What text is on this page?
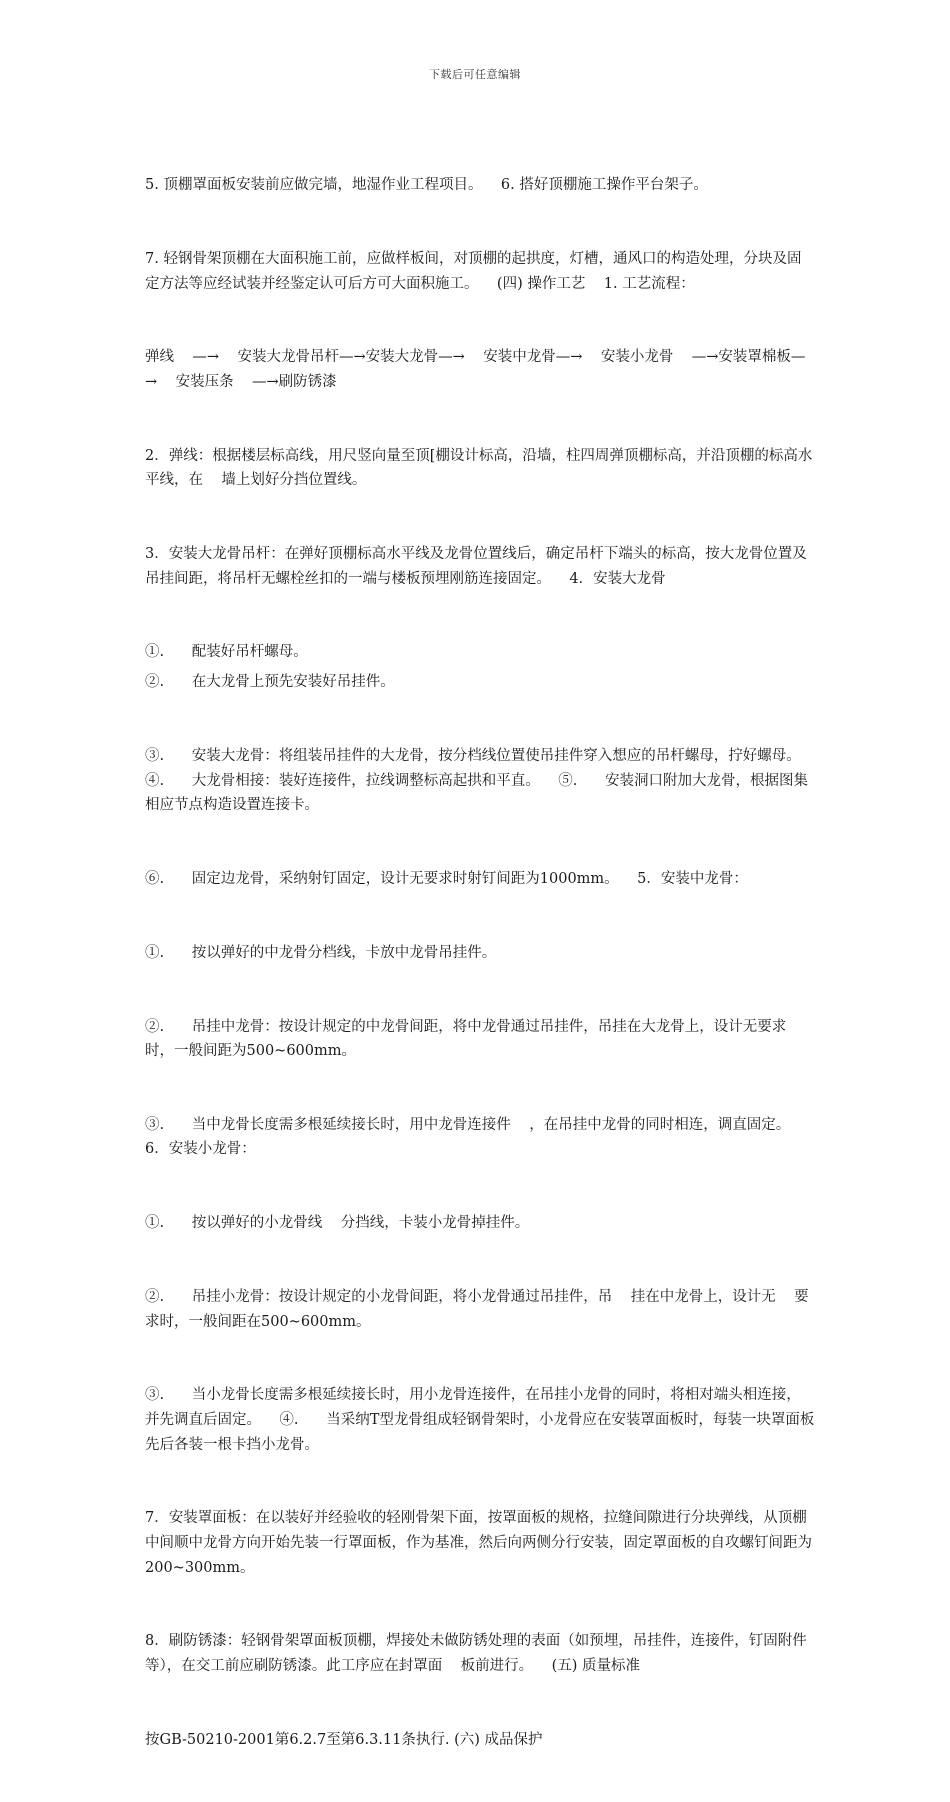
下载后可任意编辑

5. 顶棚罩面板安装前应做完墙，地湿作业工程项目。    6. 搭好顶棚施工操作平台架子。

7. 轻钢骨架顶棚在大面积施工前，应做样板间，对顶棚的起拱度，灯槽，通风口的构造处理，分块及固定方法等应经试装并经鉴定认可后方可大面积施工。    (四) 操作工艺    1. 工艺流程：

弹线    —→    安装大龙骨吊杆—→安装大龙骨—→    安装中龙骨—→    安装小龙骨    —→安装罩棉板—→    安装压条    —→刷防锈漆

2．弹线：根据楼层标高线，用尺竖向量至顶[棚设计标高，沿墙，柱四周弹顶棚标高，并沿顶棚的标高水平线，在    墙上划好分挡位置线。

3．安装大龙骨吊杆：在弹好顶棚标高水平线及龙骨位置线后，确定吊杆下端头的标高，按大龙骨位置及吊挂间距，将吊杆无螺栓丝扣的一端与楼板预埋刚筋连接固定。    4．安装大龙骨

①.      配装好吊杆螺母。

②.      在大龙骨上预先安装好吊挂件。

③.      安装大龙骨：将组装吊挂件的大龙骨，按分档线位置使吊挂件穿入想应的吊杆螺母，拧好螺母。    ④.      大龙骨相接：装好连接件，拉线调整标高起拱和平直。    ⑤.      安装洞口附加大龙骨，根据图集相应节点构造设置连接卡。

⑥.      固定边龙骨，采纳射钉固定，设计无要求时射钉间距为1000mm。    5．安装中龙骨：

①.      按以弹好的中龙骨分档线，卡放中龙骨吊挂件。

②.      吊挂中龙骨：按设计规定的中龙骨间距，将中龙骨通过吊挂件，吊挂在大龙骨上，设计无要求时，一般间距为500~600mm。

③.      当中龙骨长度需多根延续接长时，用中龙骨连接件    ，在吊挂中龙骨的同时相连，调直固定。    6．安装小龙骨：

①.      按以弹好的小龙骨线    分挡线，卡装小龙骨掉挂件。

②.      吊挂小龙骨：按设计规定的小龙骨间距，将小龙骨通过吊挂件，吊    挂在中龙骨上，设计无    要求时，一般间距在500~600mm。

③.      当小龙骨长度需多根延续接长时，用小龙骨连接件，在吊挂小龙骨的同时，将相对端头相连接，并先调直后固定。    ④.      当采纳T型龙骨组成轻钢骨架时，小龙骨应在安装罩面板时，每装一块罩面板先后各装一根卡挡小龙骨。

7．安装罩面板：在以装好并经验收的轻刚骨架下面，按罩面板的规格，拉缝间隙进行分块弹线，从顶棚中间顺中龙骨方向开始先装一行罩面板，作为基准，然后向两侧分行安装，固定罩面板的自攻螺钉间距为200~300mm。

8．刷防锈漆：轻钢骨架罩面板顶棚，焊接处未做防锈处理的表面（如预埋，吊挂件，连接件，钉固附件等），在交工前应刷防锈漆。此工序应在封罩面    板前进行。    (五) 质量标准

按GB-50210-2001第6.2.7至第6.3.11条执行. (六) 成品保护
